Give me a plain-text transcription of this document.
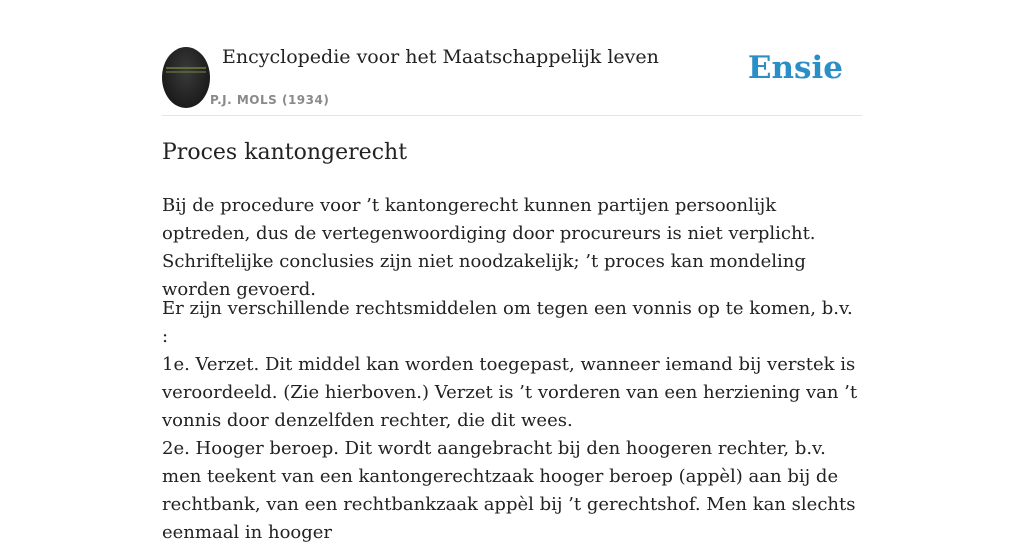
Encyclopedie voor het Maatschappelijk leven
P.J. MOLS (1934)
Ensie
Proces kantongerecht

Bij de procedure voor ’t kantongerecht kunnen partijen persoonlijk optreden, dus de vertegenwoordiging door procureurs is niet verplicht. Schriftelijke conclusies zijn niet noodzakelijk; ’t proces kan mondeling worden gevoerd.

Er zijn verschillende rechtsmiddelen om tegen een vonnis op te komen, b.v. :

1e. Verzet. Dit middel kan worden toegepast, wanneer iemand bij verstek is veroordeeld. (Zie hierboven.) Verzet is ’t vorderen van een herziening van ’t vonnis door denzelfden rechter, die dit wees.

2e. Hooger beroep. Dit wordt aangebracht bij den hoogeren rechter, b.v. men teekent van een kantongerechtzaak hooger beroep (appèl) aan bij de rechtbank, van een rechtbankzaak appèl bij ’t gerechtshof. Men kan slechts eenmaal in hooger
